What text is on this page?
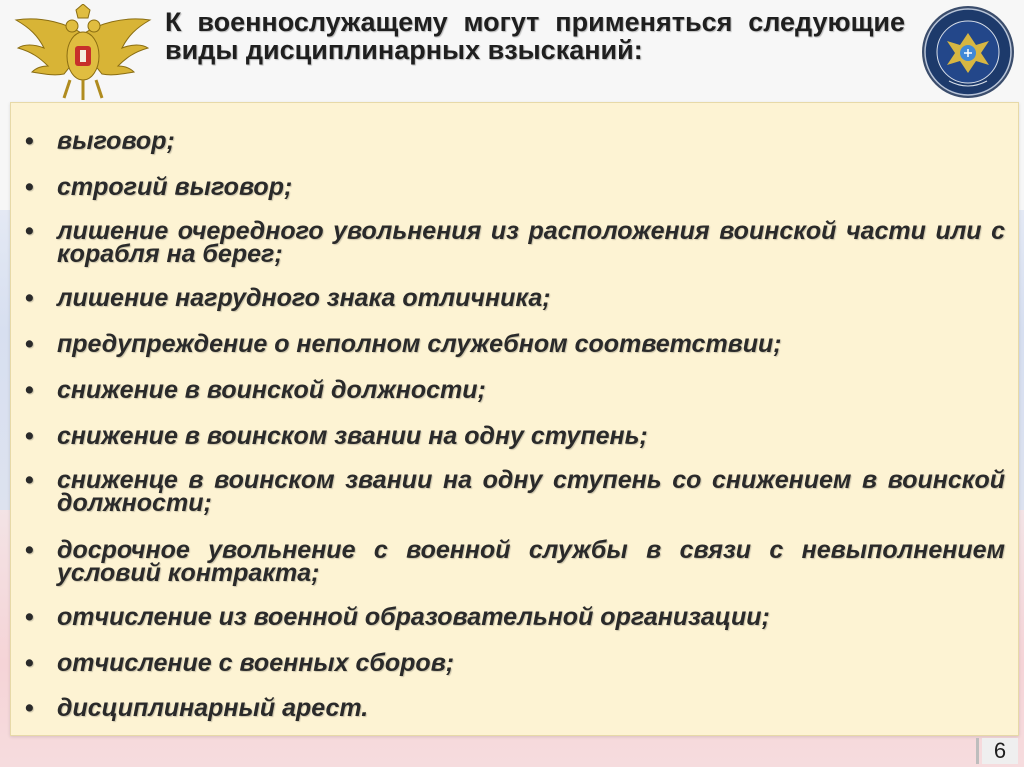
К военнослужащему могут применяться следующие виды дисциплинарных взысканий:
• выговор;
• строгий выговор;
• лишение очередного увольнения из расположения воинской части или с корабля на берег;
• лишение нагрудного знака отличника;
• предупреждение о неполном служебном соответствии;
• снижение в воинской должности;
• снижение в воинском звании на одну ступень;
• сниженце в воинском звании на одну ступень со снижением в воинской должности;
• досрочное увольнение с военной службы в связи с невыполнением условий контракта;
• отчисление из военной образовательной организации;
• отчисление с военных сборов;
• дисциплинарный арест.
6
